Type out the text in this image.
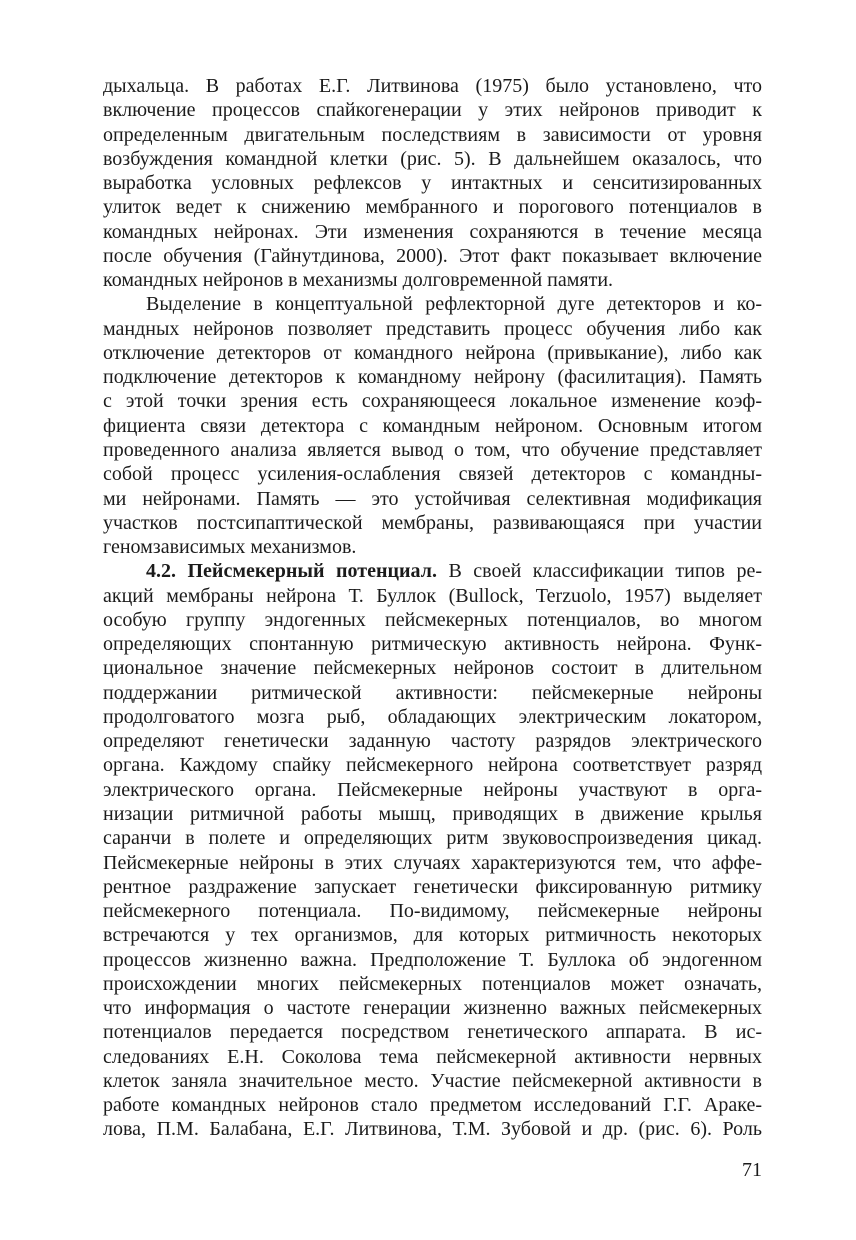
дыхальца. В работах Е.Г. Литвинова (1975) было установлено, что
включение процессов спайкогенерации у этих нейронов приводит к
определенным двигательным последствиям в зависимости от уровня
возбуждения командной клетки (рис. 5). В дальнейшем оказалось, что
выработка условных рефлексов у интактных и сенситизированных
улиток ведет к снижению мембранного и порогового потенциалов в
командных нейронах. Эти изменения сохраняются в течение месяца
после обучения (Гайнутдинова, 2000). Этот факт показывает включение
командных нейронов в механизмы долговременной памяти.
Выделение в концептуальной рефлекторной дуге детекторов и ко-
мандных нейронов позволяет представить процесс обучения либо как
отключение детекторов от командного нейрона (привыкание), либо как
подключение детекторов к командному нейрону (фасилитация). Память
с этой точки зрения есть сохраняющееся локальное изменение коэф-
фициента связи детектора с командным нейроном. Основным итогом
проведенного анализа является вывод о том, что обучение представляет
собой процесс усиления-ослабления связей детекторов с командны-
ми нейронами. Память — это устойчивая селективная модификация
участков постсипаптической мембраны, развивающаяся при участии
геномзависимых механизмов.
4.2. Пейсмекерный потенциал. В своей классификации типов ре-
акций мембраны нейрона Т. Буллок (Bullock, Terzuolo, 1957) выделяет
особую группу эндогенных пейсмекерных потенциалов, во многом
определяющих спонтанную ритмическую активность нейрона. Функ-
циональное значение пейсмекерных нейронов состоит в длительном
поддержании ритмической активности: пейсмекерные нейроны
продолговатого мозга рыб, обладающих электрическим локатором,
определяют генетически заданную частоту разрядов электрического
органа. Каждому спайку пейсмекерного нейрона соответствует разряд
электрического органа. Пейсмекерные нейроны участвуют в орга-
низации ритмичной работы мышц, приводящих в движение крылья
саранчи в полете и определяющих ритм звуковоспроизведения цикад.
Пейсмекерные нейроны в этих случаях характеризуются тем, что аффе-
рентное раздражение запускает генетически фиксированную ритмику
пейсмекерного потенциала. По-видимому, пейсмекерные нейроны
встречаются у тех организмов, для которых ритмичность некоторых
процессов жизненно важна. Предположение Т. Буллока об эндогенном
происхождении многих пейсмекерных потенциалов может означать,
что информация о частоте генерации жизненно важных пейсмекерных
потенциалов передается посредством генетического аппарата. В ис-
следованиях Е.Н. Соколова тема пейсмекерной активности нервных
клеток заняла значительное место. Участие пейсмекерной активности в
работе командных нейронов стало предметом исследований Г.Г. Араке-
лова, П.М. Балабана, Е.Г. Литвинова, Т.М. Зубовой и др. (рис. 6). Роль
71
